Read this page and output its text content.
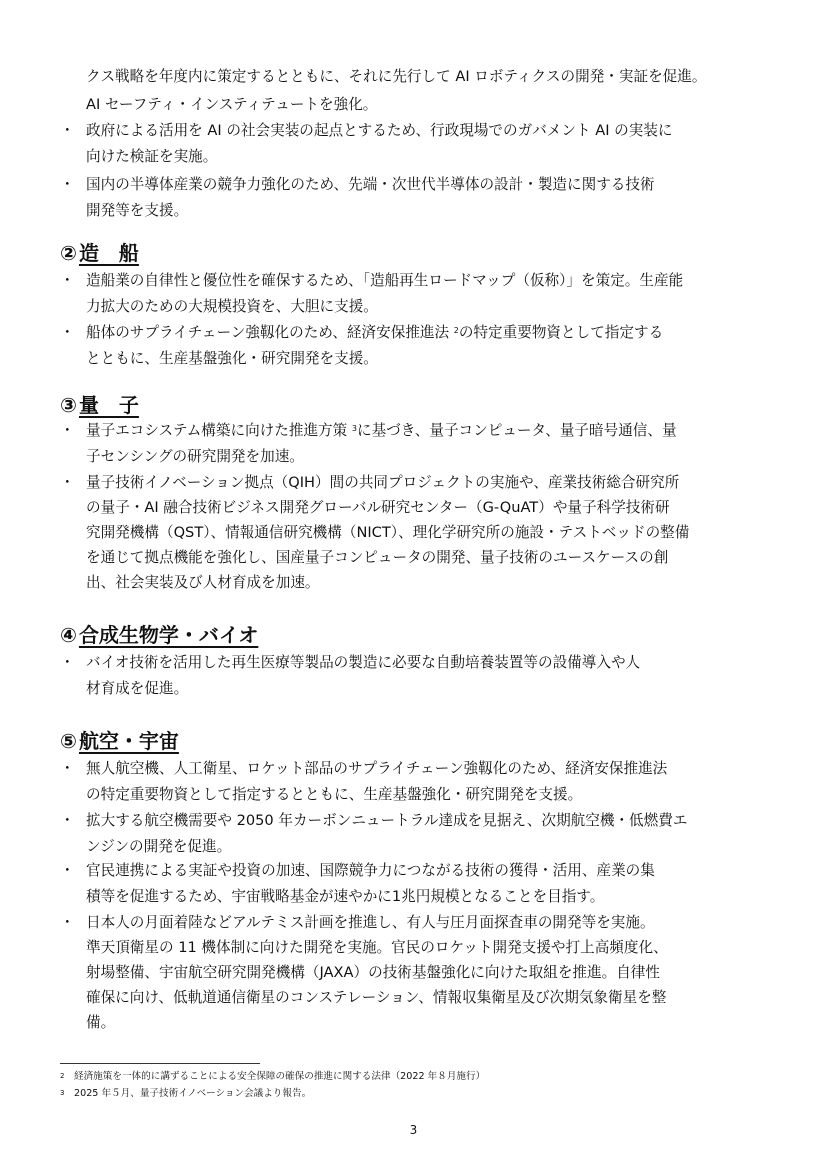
クス戦略を年度内に策定するとともに、それに先行して AI ロボティクスの開発・実証を促進。
AI セーフティ・インスティテュートを強化。
・ 政府による活用を AI の社会実装の起点とするため、行政現場でのガバメント AI の実装に
向けた検証を実施。
・ 国内の半導体産業の競争力強化のため、先端・次世代半導体の設計・製造に関する技術
開発等を支援。
② 造　船
・ 造船業の自律性と優位性を確保するため、「造船再生ロードマップ（仮称）」を策定。生産能
力拡大のための大規模投資を、大胆に支援。
・ 船体のサプライチェーン強靱化のため、経済安保推進法 $^2$の特定重要物資として指定する
とともに、生産基盤強化・研究開発を支援。
③ 量　子
・ 量子エコシステム構築に向けた推進方策 $^3$に基づき、量子コンピュータ、量子暗号通信、量
子センシングの研究開発を加速。
・ 量子技術イノベーション拠点（QIH）間の共同プロジェクトの実施や、産業技術総合研究所
の量子・AI 融合技術ビジネス開発グローバル研究センター（G-QuAT）や量子科学技術研
究開発機構（QST）、情報通信研究機構（NICT）、理化学研究所の施設・テストベッドの整備
を通じて拠点機能を強化し、国産量子コンピュータの開発、量子技術のユースケースの創
出、社会実装及び人材育成を加速。
④ 合成生物学・バイオ
・ バイオ技術を活用した再生医療等製品の製造に必要な自動培養装置等の設備導入や人
材育成を促進。
⑤ 航空・宇宙
・ 無人航空機、人工衛星、ロケット部品のサプライチェーン強靱化のため、経済安保推進法
の特定重要物資として指定するとともに、生産基盤強化・研究開発を支援。
・ 拡大する航空機需要や 2050 年カーボンニュートラル達成を見据え、次期航空機・低燃費エ
ンジンの開発を促進。
・ 官民連携による実証や投資の加速、国際競争力につながる技術の獲得・活用、産業の集
積等を促進するため、宇宙戦略基金が速やかに1兆円規模となることを目指す。
・ 日本人の月面着陸などアルテミス計画を推進し、有人与圧月面探査車の開発等を実施。
準天頂衛星の 11 機体制に向けた開発を実施。官民のロケット開発支援や打上高頻度化、
射場整備、宇宙航空研究開発機構（JAXA）の技術基盤強化に向けた取組を推進。自律性
確保に向け、低軌道通信衛星のコンステレーション、情報収集衛星及び次期気象衛星を整
備。
2 経済施策を一体的に講ずることによる安全保障の確保の推進に関する法律（2022 年８月施行）
3 2025 年５月、量子技術イノベーション会議より報告。
3
